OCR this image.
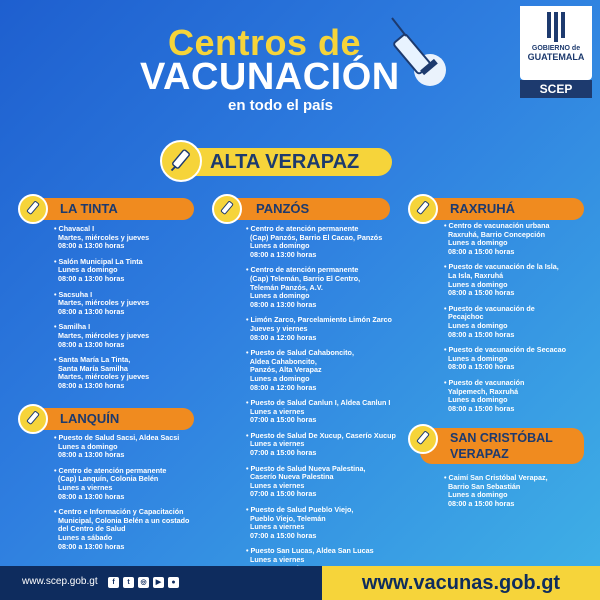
Centros de
VACUNACIÓN
en todo el país
GOBIERNO de
GUATEMALA
SCEP
ALTA VERAPAZ
LA TINTA
• Chavacal I
Martes, miércoles y jueves
08:00 a 13:00 horas
• Salón Municipal La Tinta
Lunes a domingo
08:00 a 13:00 horas
• Sacsuha I
Martes, miércoles y jueves
08:00 a 13:00 horas
• Samilha I
Martes, miércoles y jueves
08:00 a 13:00 horas
• Santa María La Tinta,
Santa María Samilha
Martes, miércoles y jueves
08:00 a 13:00 horas
LANQUÍN
• Puesto de Salud Sacsi, Aldea Sacsi
Lunes a domingo
08:00 a 13:00 horas
• Centro de atención permanente
(Cap) Lanquín, Colonia Belén
Lunes a viernes
08:00 a 13:00 horas
• Centro e Información y Capacitación
Municipal, Colonia Belén a un costado
del Centro de Salud
Lunes a sábado
08:00 a 13:00 horas
PANZÓS
• Centro de atención permanente
(Cap) Panzós, Barrio El Cacao, Panzós
Lunes a domingo
08:00 a 13:00 horas
• Centro de atención permanente
(Cap) Telemán, Barrio El Centro,
Telemán Panzós, A.V.
Lunes a domingo
08:00 a 13:00 horas
• Limón Zarco, Parcelamiento Limón Zarco
Jueves y viernes
08:00 a 12:00 horas
• Puesto de Salud Cahaboncito,
Aldea Cahaboncito,
Panzós, Alta Verapaz
Lunes a domingo
08:00 a 12:00 horas
• Puesto de Salud Canlun I, Aldea Canlun I
Lunes a viernes
07:00 a 15:00 horas
• Puesto de Salud De Xucup, Caserío Xucup
Lunes a viernes
07:00 a 15:00 horas
• Puesto de Salud Nueva Palestina,
Caserío Nueva Palestina
Lunes a viernes
07:00 a 15:00 horas
• Puesto de Salud Pueblo Viejo,
Pueblo Viejo, Telemán
Lunes a viernes
07:00 a 15:00 horas
• Puesto San Lucas, Aldea San Lucas
Lunes a viernes
RAXRUHÁ
• Centro de vacunación urbana
Raxruhá, Barrio Concepción
Lunes a domingo
08:00 a 15:00 horas
• Puesto de vacunación de la Isla,
La Isla, Raxruhá
Lunes a domingo
08:00 a 15:00 horas
• Puesto de vacunación de
Pecajchoc
Lunes a domingo
08:00 a 15:00 horas
• Puesto de vacunación de Secacao
Lunes a domingo
08:00 a 15:00 horas
• Puesto de vacunación
Yalpemech, Raxruhá
Lunes a domingo
08:00 a 15:00 horas
SAN CRISTÓBAL
VERAPAZ
• Caimí San Cristóbal Verapaz,
Barrio San Sebastián
Lunes a domingo
08:00 a 15:00 horas
www.scep.gob.gt	f	t	◎	▶	●	www.vacunas.gob.gt
